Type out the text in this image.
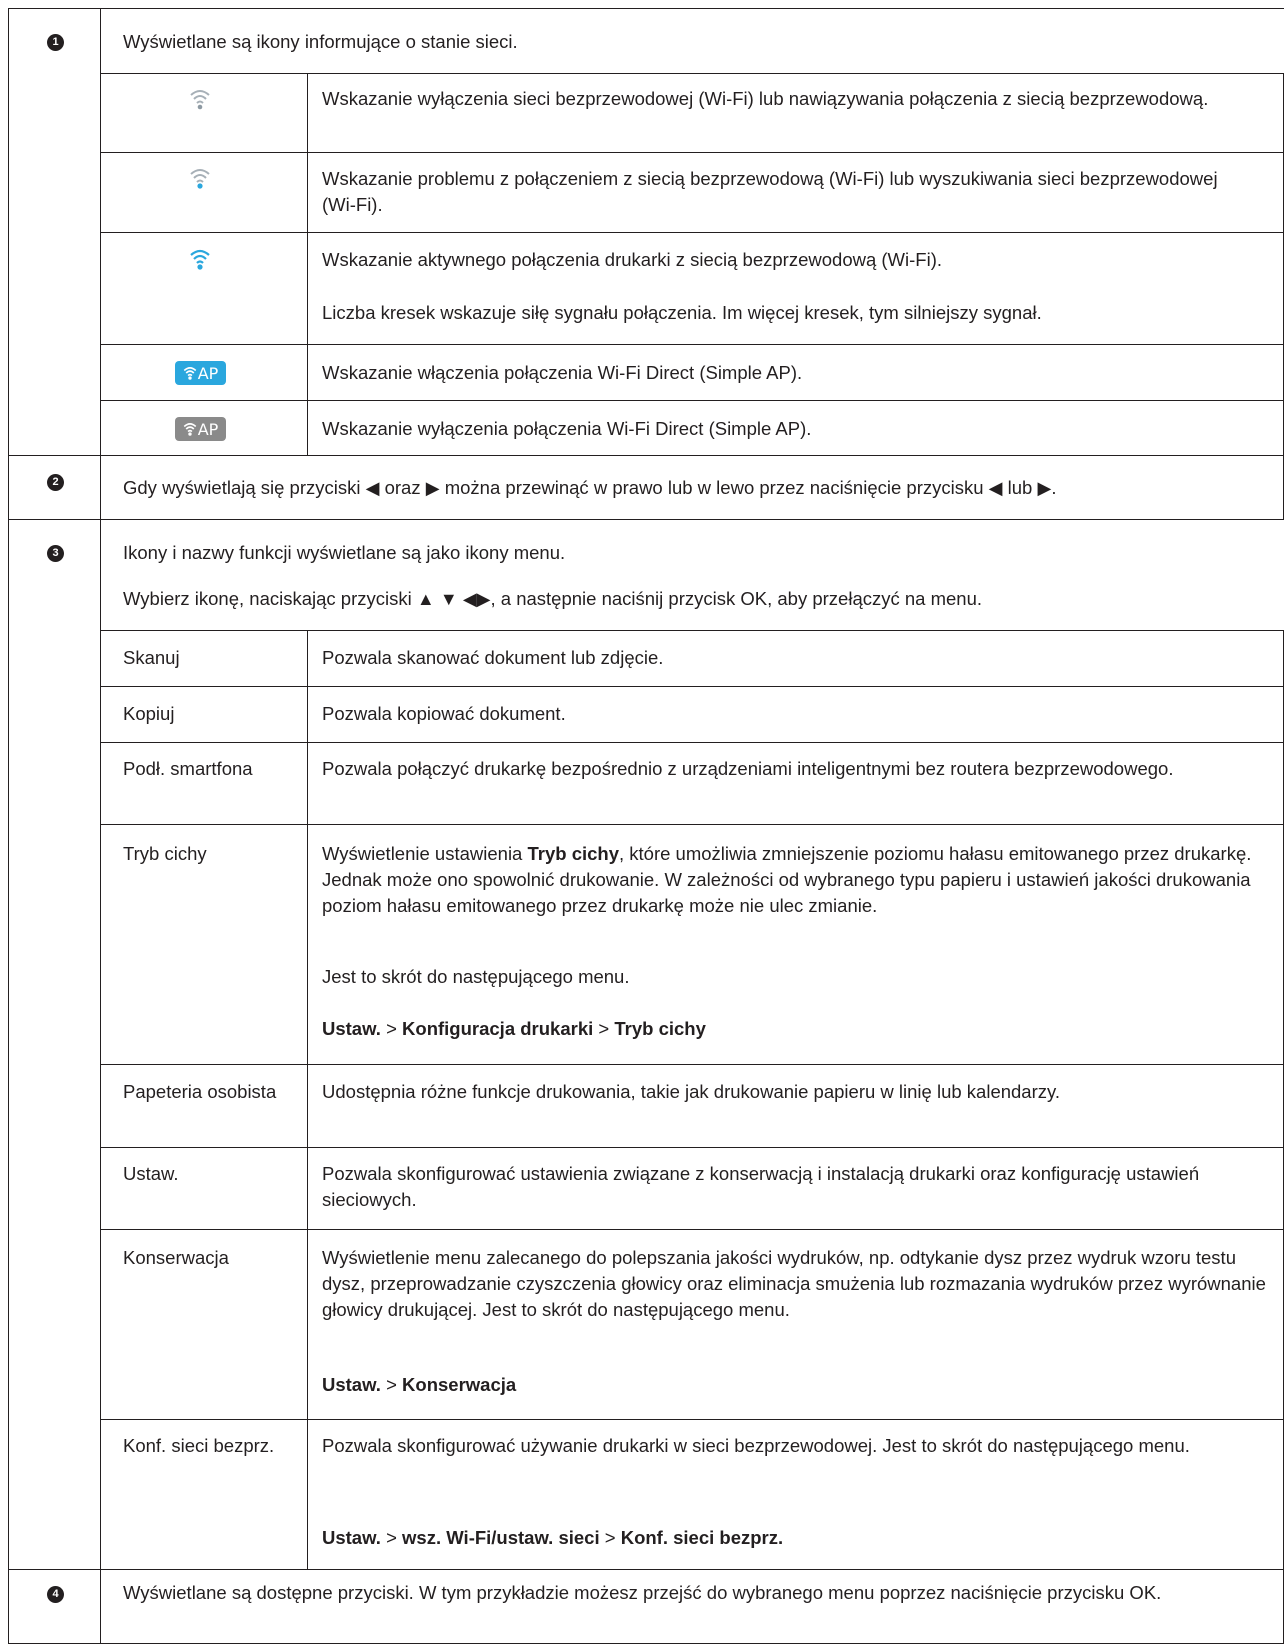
1	Wyświetlane są ikony informujące o stanie sieci.
Wskazanie wyłączenia sieci bezprzewodowej (Wi-Fi) lub nawiązywania połączenia z siecią bezprzewodową.
Wskazanie problemu z połączeniem z siecią bezprzewodową (Wi-Fi) lub wyszukiwania sieci bezprzewodowej (Wi-Fi).
Wskazanie aktywnego połączenia drukarki z siecią bezprzewodową (Wi-Fi).
Liczba kresek wskazuje siłę sygnału połączenia. Im więcej kresek, tym silniejszy sygnał.
AP	Wskazanie włączenia połączenia Wi-Fi Direct (Simple AP).
AP	Wskazanie wyłączenia połączenia Wi-Fi Direct (Simple AP).
2	Gdy wyświetlają się przyciski ◀ oraz ▶ można przewinąć w prawo lub w lewo przez naciśnięcie przycisku ◀ lub ▶.
3	Ikony i nazwy funkcji wyświetlane są jako ikony menu.
Wybierz ikonę, naciskając przyciski ▲ ▼ ◀▶, a następnie naciśnij przycisk OK, aby przełączyć na menu.
Skanuj	Pozwala skanować dokument lub zdjęcie.
Kopiuj	Pozwala kopiować dokument.
Podł. smartfona	Pozwala połączyć drukarkę bezpośrednio z urządzeniami inteligentnymi bez routera bezprzewodowego.
Tryb cichy	Wyświetlenie ustawienia Tryb cichy, które umożliwia zmniejszenie poziomu hałasu emitowanego przez drukarkę. Jednak może ono spowolnić drukowanie. W zależności od wybranego typu papieru i ustawień jakości drukowania poziom hałasu emitowanego przez drukarkę może nie ulec zmianie.
Jest to skrót do następującego menu.
Ustaw. > Konfiguracja drukarki > Tryb cichy
Papeteria osobista	Udostępnia różne funkcje drukowania, takie jak drukowanie papieru w linię lub kalendarzy.
Ustaw.	Pozwala skonfigurować ustawienia związane z konserwacją i instalacją drukarki oraz konfigurację ustawień sieciowych.
Konserwacja	Wyświetlenie menu zalecanego do polepszania jakości wydruków, np. odtykanie dysz przez wydruk wzoru testu dysz, przeprowadzanie czyszczenia głowicy oraz eliminacja smużenia lub rozmazania wydruków przez wyrównanie głowicy drukującej. Jest to skrót do następującego menu.
Ustaw. > Konserwacja
Konf. sieci bezprz.	Pozwala skonfigurować używanie drukarki w sieci bezprzewodowej. Jest to skrót do następującego menu.
Ustaw. > wsz. Wi-Fi/ustaw. sieci > Konf. sieci bezprz.
4	Wyświetlane są dostępne przyciski. W tym przykładzie możesz przejść do wybranego menu poprzez naciśnięcie przycisku OK.
